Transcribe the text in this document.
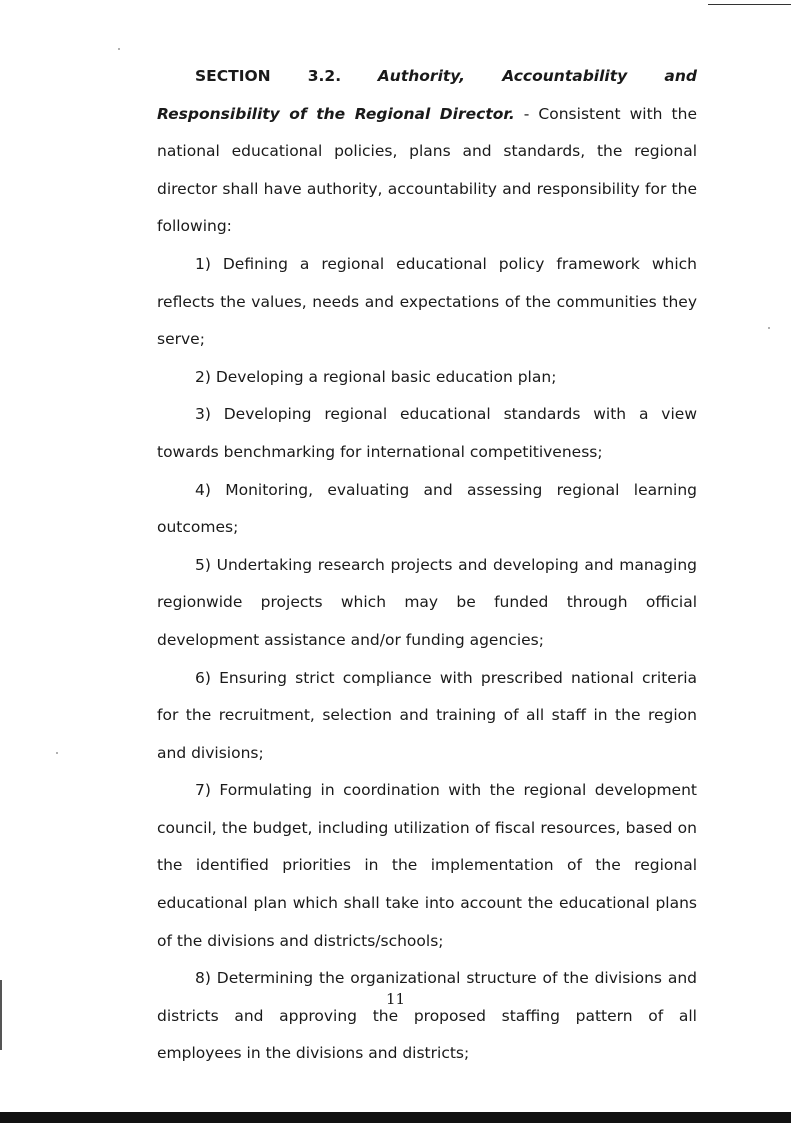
SECTION 3.2. Authority, Accountability and Responsibility of the Regional Director. - Consistent with the national educational policies, plans and standards, the regional director shall have authority, accountability and responsibility for the following:

1) Defining a regional educational policy framework which reflects the values, needs and expectations of the communities they serve;

2) Developing a regional basic education plan;

3) Developing regional educational standards with a view towards benchmarking for international competitiveness;

4) Monitoring, evaluating and assessing regional learning outcomes;

5) Undertaking research projects and developing and managing regionwide projects which may be funded through official development assistance and/or funding agencies;

6) Ensuring strict compliance with prescribed national criteria for the recruitment, selection and training of all staff in the region and divisions;

7) Formulating in coordination with the regional development council, the budget, including utilization of fiscal resources, based on the identified priorities in the implementation of the regional educational plan which shall take into account the educational plans of the divisions and districts/schools;

8) Determining the organizational structure of the divisions and districts and approving the proposed staffing pattern of all employees in the divisions and districts;

11
